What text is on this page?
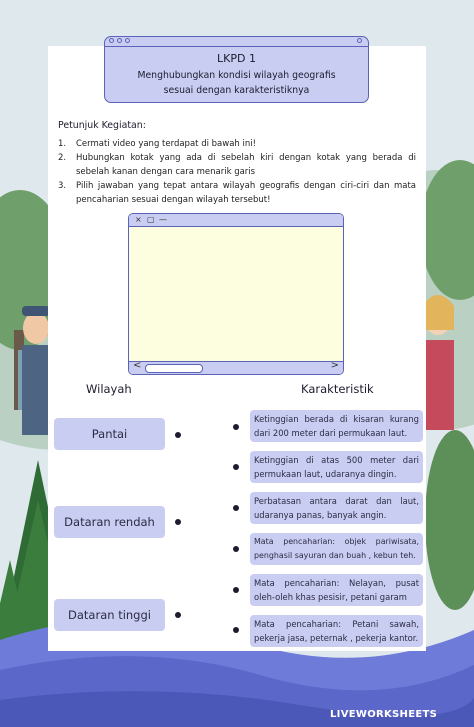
LKPD 1
Menghubungkan kondisi wilayah geografis
sesuai dengan karakteristiknya
Petunjuk Kegiatan:
1.	Cermati video yang terdapat di bawah ini!
2.	Hubungkan kotak yang ada di sebelah kiri dengan kotak yang berada di sebelah kanan dengan cara menarik garis
3.	Pilih jawaban yang tepat antara wilayah geografis dengan ciri-ciri dan mata pencaharian sesuai dengan wilayah tersebut!
× ▢ —
<	>
Wilayah	Karakteristik
Pantai
Dataran rendah
Dataran tinggi
Ketinggian berada di kisaran kurang dari 200 meter dari permukaan laut.
Ketinggian di atas 500 meter dari permukaan laut, udaranya dingin.
Perbatasan antara darat dan laut, udaranya panas, banyak angin.
Mata pencaharian: objek pariwisata, penghasil sayuran dan buah , kebun teh.
Mata pencaharian: Nelayan, pusat oleh-oleh khas pesisir, petani garam
Mata pencaharian: Petani sawah, pekerja jasa, peternak , pekerja kantor.
LIVEWORKSHEETS
